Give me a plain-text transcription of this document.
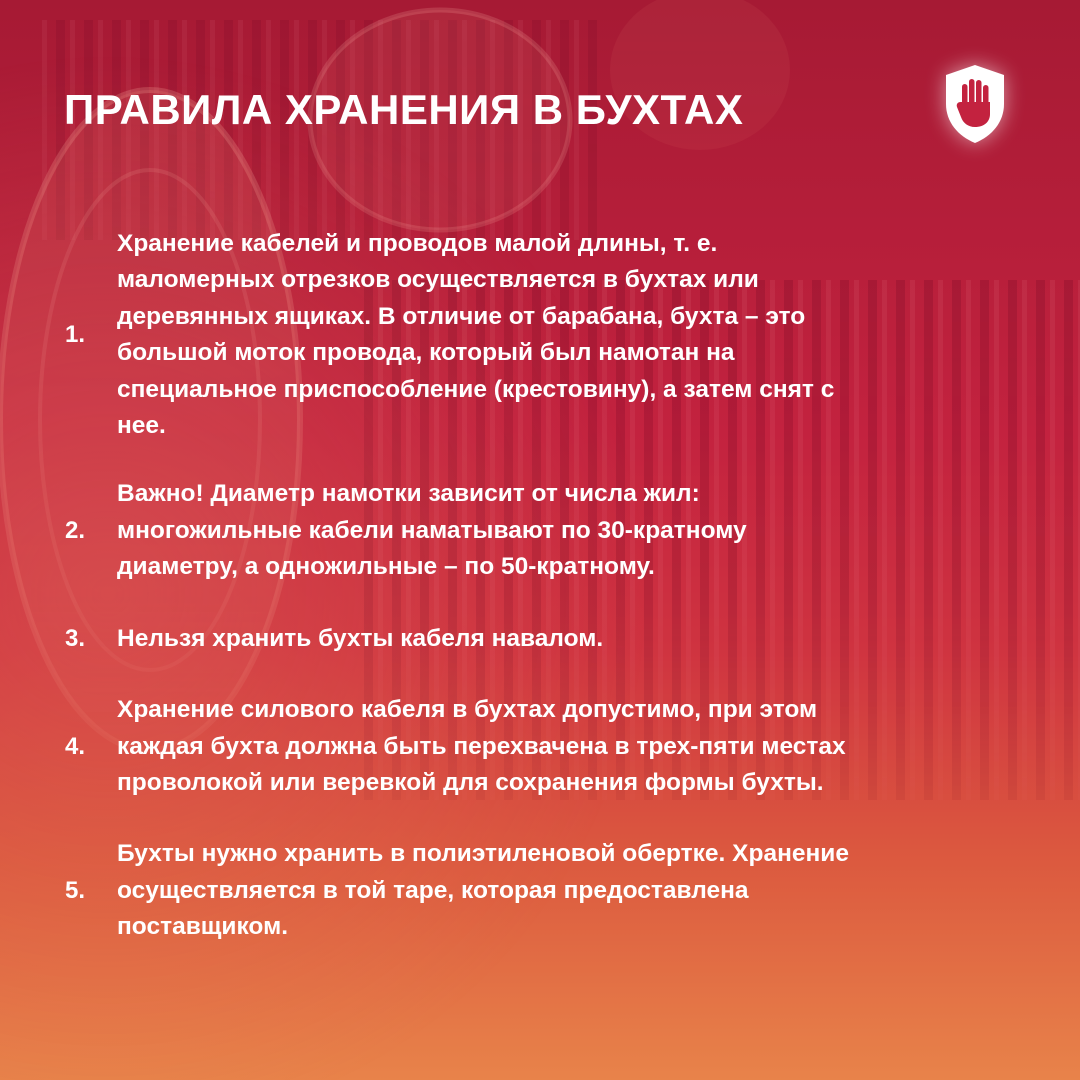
ПРАВИЛА ХРАНЕНИЯ В БУХТАХ
1.

Хранение кабелей и проводов малой длины, т. е.
маломерных отрезков осуществляется в бухтах или
деревянных ящиках. В отличие от барабана, бухта – это
большой моток провода, который был намотан на
специальное приспособление (крестовину), а затем снят с
нее.

2.

Важно! Диаметр намотки зависит от числа жил:
многожильные кабели наматывают по 30-кратному
диаметру, а одножильные – по 50-кратному.

3.	Нельзя хранить бухты кабеля навалом.

4.

Хранение силового кабеля в бухтах допустимо, при этом
каждая бухта должна быть перехвачена в трех-пяти местах
проволокой или веревкой для сохранения формы бухты.

5.

Бухты нужно хранить в полиэтиленовой обертке. Хранение
осуществляется в той таре, которая предоставлена
поставщиком.
